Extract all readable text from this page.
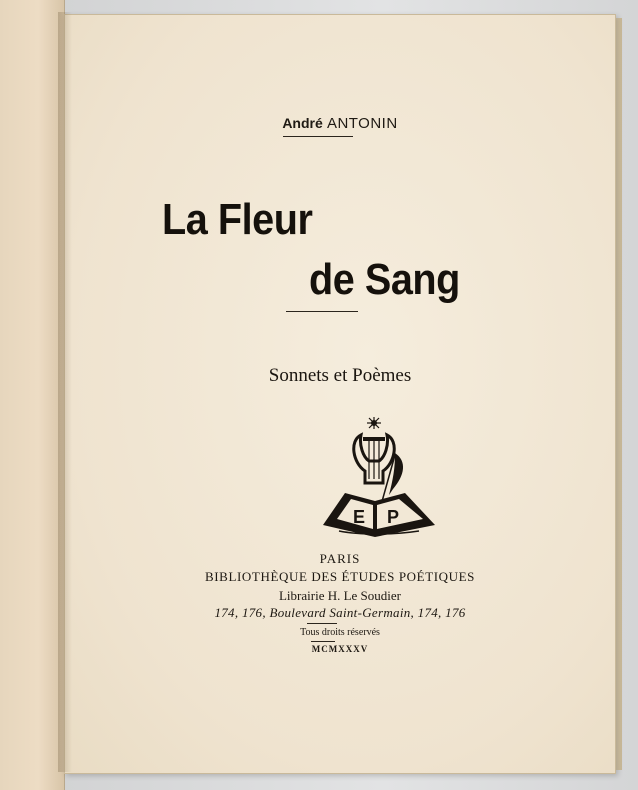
André ANTONIN
La Fleur
de Sang
Sonnets et Poèmes
E P
PARIS
BIBLIOTHÈQUE DES ÉTUDES POÉTIQUES
Librairie H. Le Soudier
174, 176, Boulevard Saint-Germain, 174, 176
Tous droits réservés
MCMXXXV
